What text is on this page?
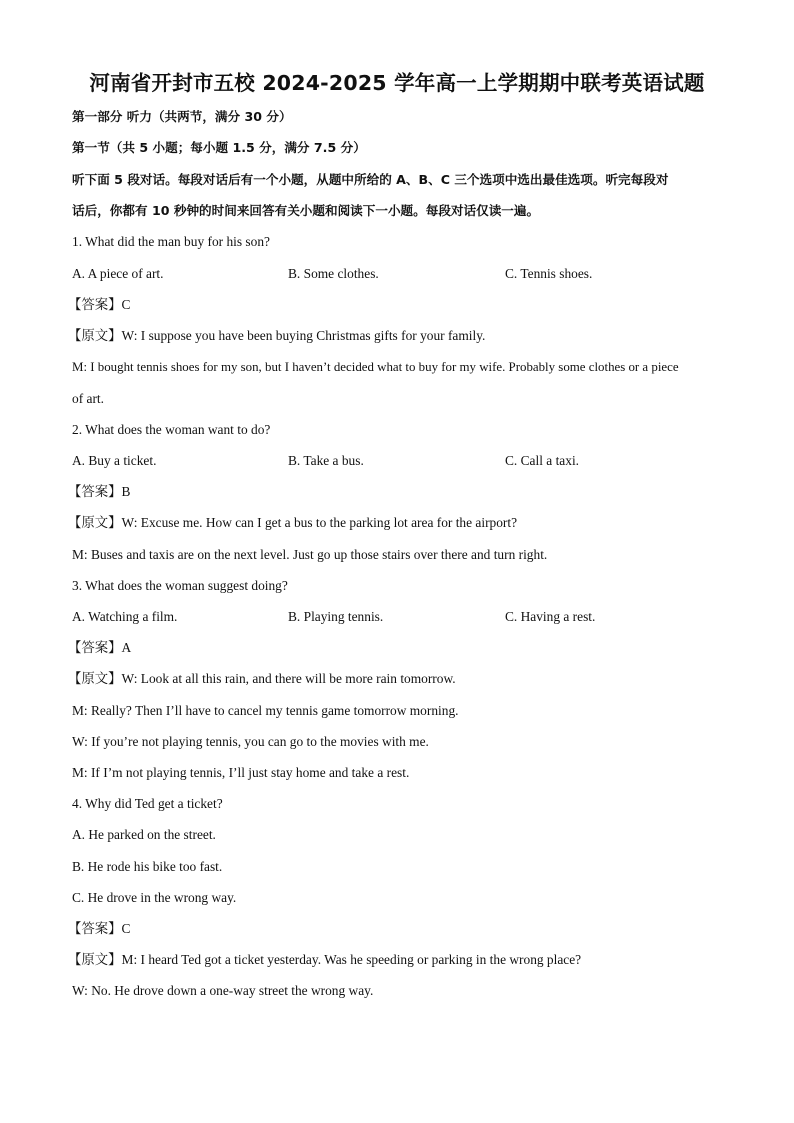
河南省开封市五校 2024-2025 学年高一上学期期中联考英语试题
第一部分 听力（共两节，满分 30 分）
第一节（共 5 小题；每小题 1.5 分，满分 7.5 分）
听下面 5 段对话。每段对话后有一个小题，从题中所给的 A、B、C 三个选项中选出最佳选项。听完每段对
话后，你都有 10 秒钟的时间来回答有关小题和阅读下一小题。每段对话仅读一遍。
1. What did the man buy for his son?
A. A piece of art.	B. Some clothes.	C. Tennis shoes.
【答案】C
【原文】W: I suppose you have been buying Christmas gifts for your family.
M: I bought tennis shoes for my son, but I haven’t decided what to buy for my wife. Probably some clothes or a piece
of art.
2. What does the woman want to do?
A. Buy a ticket.	B. Take a bus.	C. Call a taxi.
【答案】B
【原文】W: Excuse me. How can I get a bus to the parking lot area for the airport?
M: Buses and taxis are on the next level. Just go up those stairs over there and turn right.
3. What does the woman suggest doing?
A. Watching a film.	B. Playing tennis.	C. Having a rest.
【答案】A
【原文】W: Look at all this rain, and there will be more rain tomorrow.
M: Really? Then I’ll have to cancel my tennis game tomorrow morning.
W: If you’re not playing tennis, you can go to the movies with me.
M: If I’m not playing tennis, I’ll just stay home and take a rest.
4. Why did Ted get a ticket?
A. He parked on the street.
B. He rode his bike too fast.
C. He drove in the wrong way.
【答案】C
【原文】M: I heard Ted got a ticket yesterday. Was he speeding or parking in the wrong place?
W: No. He drove down a one-way street the wrong way.
